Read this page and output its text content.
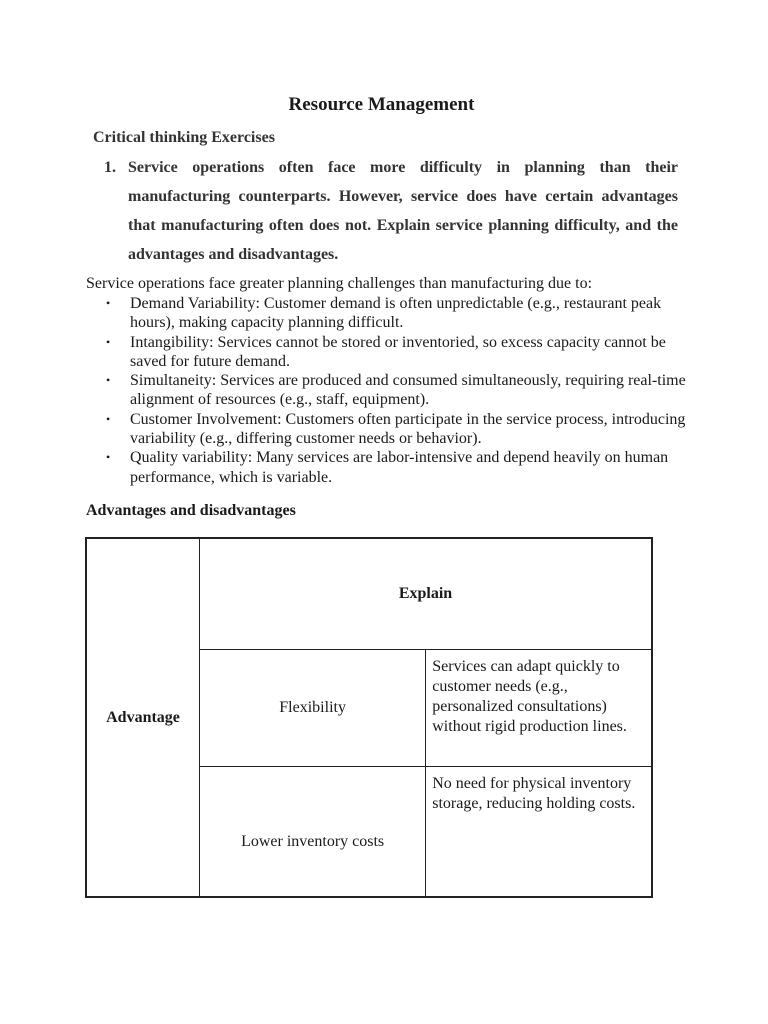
Resource Management

Critical thinking Exercises

1. Service operations often face more difficulty in planning than their manufacturing counterparts. However, service does have certain advantages that manufacturing often does not. Explain service planning difficulty, and the advantages and disadvantages.

Service operations face greater planning challenges than manufacturing due to:

• Demand Variability: Customer demand is often unpredictable (e.g., restaurant peak hours), making capacity planning difficult.
• Intangibility: Services cannot be stored or inventoried, so excess capacity cannot be saved for future demand.
• Simultaneity: Services are produced and consumed simultaneously, requiring real-time alignment of resources (e.g., staff, equipment).
• Customer Involvement: Customers often participate in the service process, introducing variability (e.g., differing customer needs or behavior).
• Quality variability: Many services are labor-intensive and depend heavily on human performance, which is variable.

Advantages and disadvantages

Advantage	Explain	
	Flexibility	Services can adapt quickly to customer needs (e.g., personalized consultations) without rigid production lines.
	Lower inventory costs	No need for physical inventory storage, reducing holding costs.
